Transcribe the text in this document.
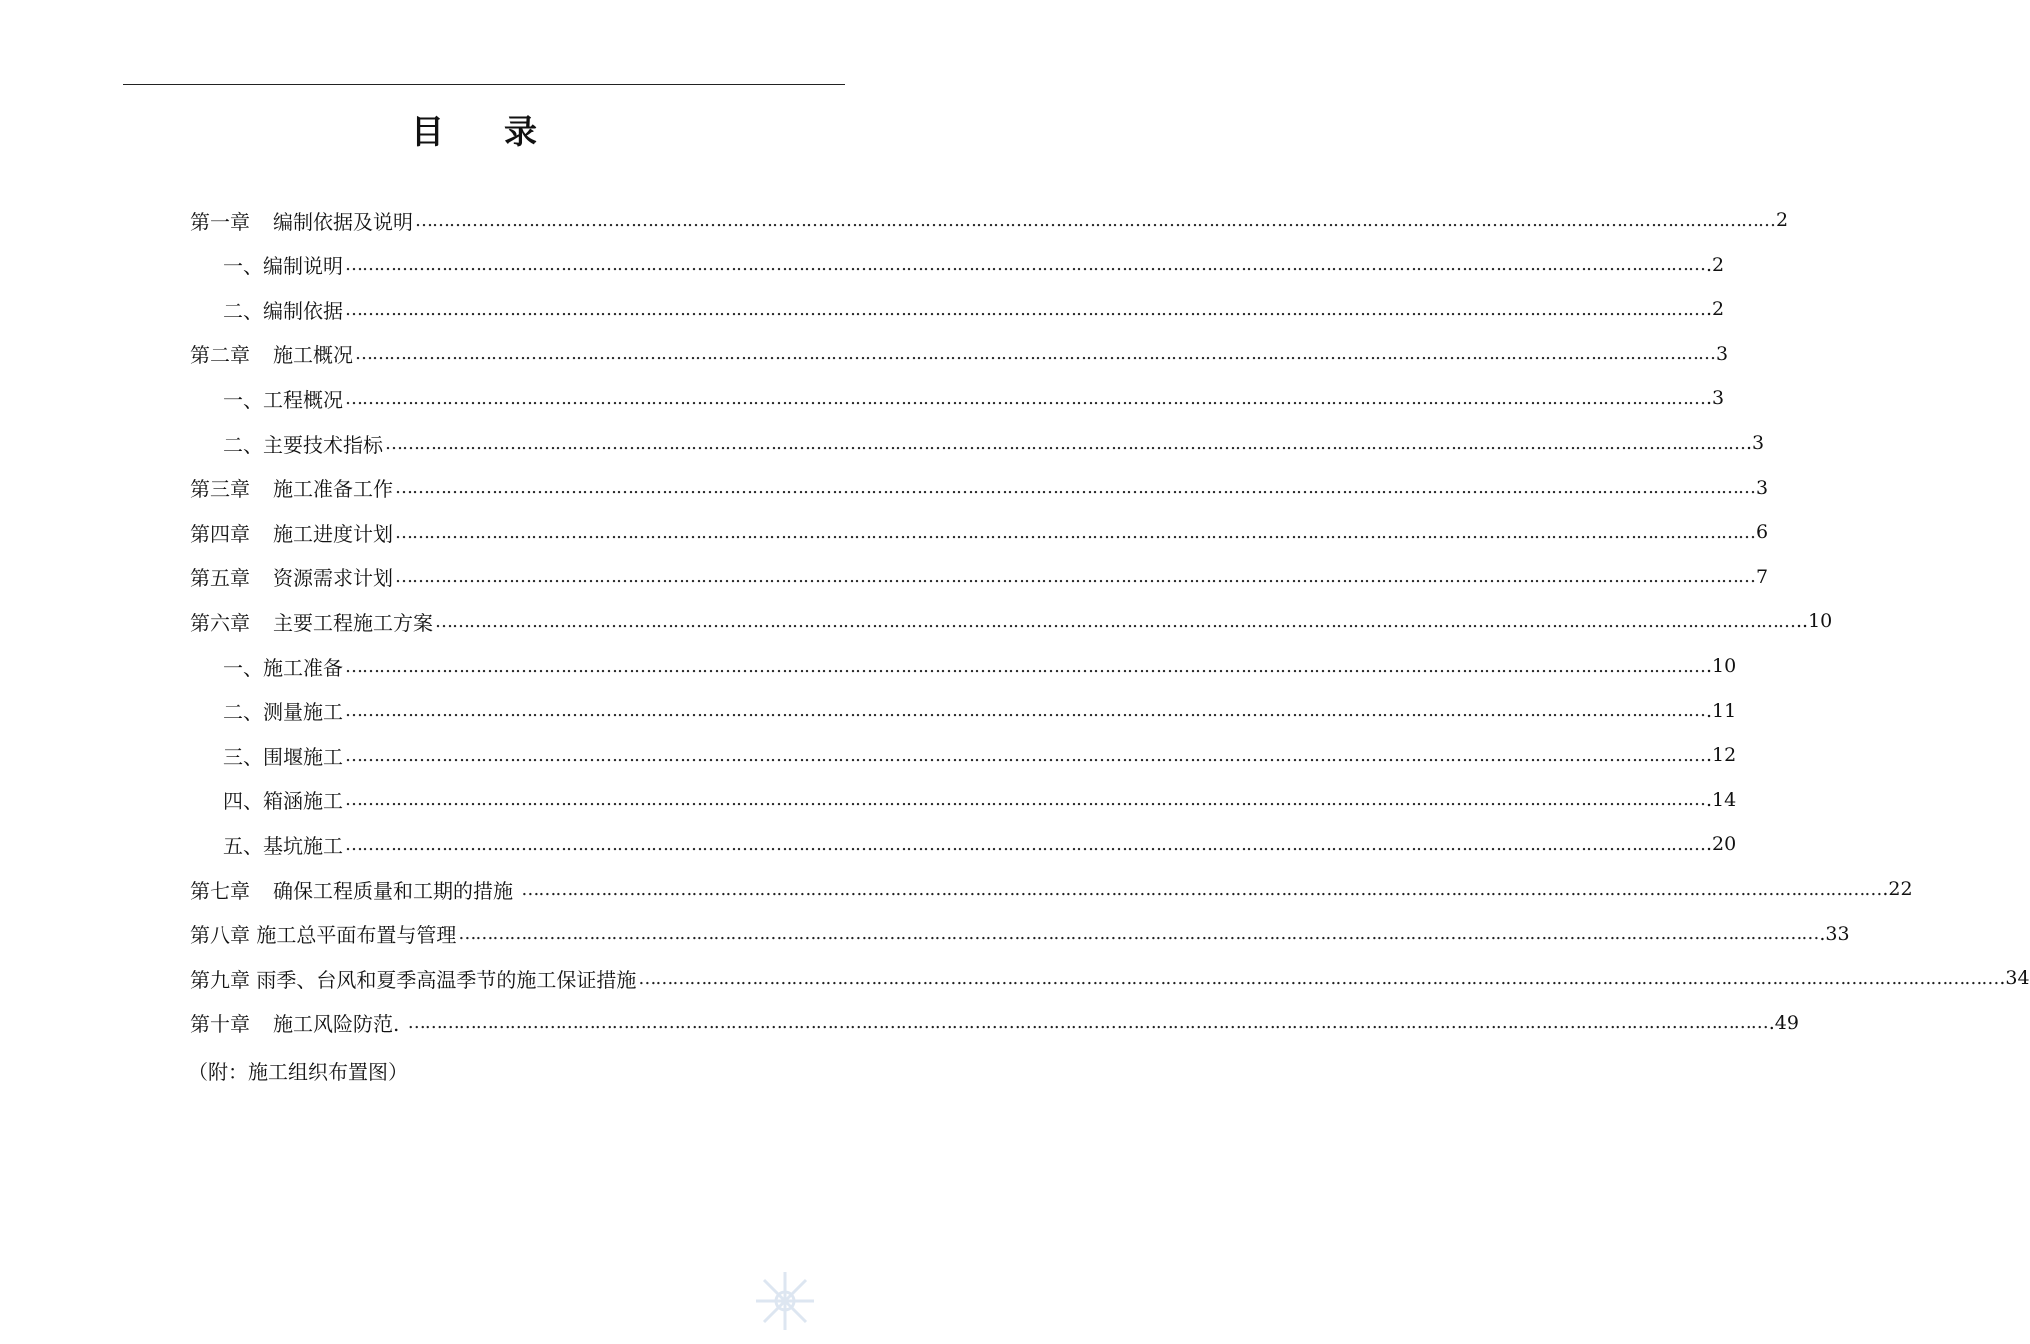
目 录
第一章
　 编制依据及说明 …………………………………………………………………………………………………………………………………………………………………………………………………………………… 2
一 、 编制说明 …………………………………………………………………………………………………………………………………………………………………………………………………………………… .2
二 、 编制依据 …………………………………………………………………………………………………………………………………………………………………………………………………………………… .2
第二章
　 施工概况 …………………………………………………………………………………………………………………………………………………………………………………………………………………… 3
一 、 工程概况 …………………………………………………………………………………………………………………………………………………………………………………………………………………… .3
二 、 主要技术指标 …………………………………………………………………………………………………………………………………………………………………………………………………………………… .3
第三章
　 施工准备工作 …………………………………………………………………………………………………………………………………………………………………………………………………………………… 3
第四章
　 施工进度计划 …………………………………………………………………………………………………………………………………………………………………………………………………………………… 6
第五章
　 资源需求计划 …………………………………………………………………………………………………………………………………………………………………………………………………………………… 7
第六章
　 主要工程施工方案 …………………………………………………………………………………………………………………………………………………………………………………………………………………… ..10
一 、 施工准备 …………………………………………………………………………………………………………………………………………………………………………………………………………………… .10
二 、 测量施工 …………………………………………………………………………………………………………………………………………………………………………………………………………………… .11
三 、 围堰施工 …………………………………………………………………………………………………………………………………………………………………………………………………………………… .12
四 、 箱涵施工 …………………………………………………………………………………………………………………………………………………………………………………………………………………… .14
五 、 基坑施工 …………………………………………………………………………………………………………………………………………………………………………………………………………………… .20
第七章
　 确保工程质量和工期的措施 …………………………………………………………………………………………………………………………………………………………………………………………………………………… .22
第八章
施工总平面布置与管理 …………………………………………………………………………………………………………………………………………………………………………………………………………………… .33
第九章
雨季、台风和夏季高温季节的施工保证措施 …………………………………………………………………………………………………………………………………………………………………………………………………………………… .34
第十章
　 施工风险防范. …………………………………………………………………………………………………………………………………………………………………………………………………………………… .49
（附：施工组织布置图）
